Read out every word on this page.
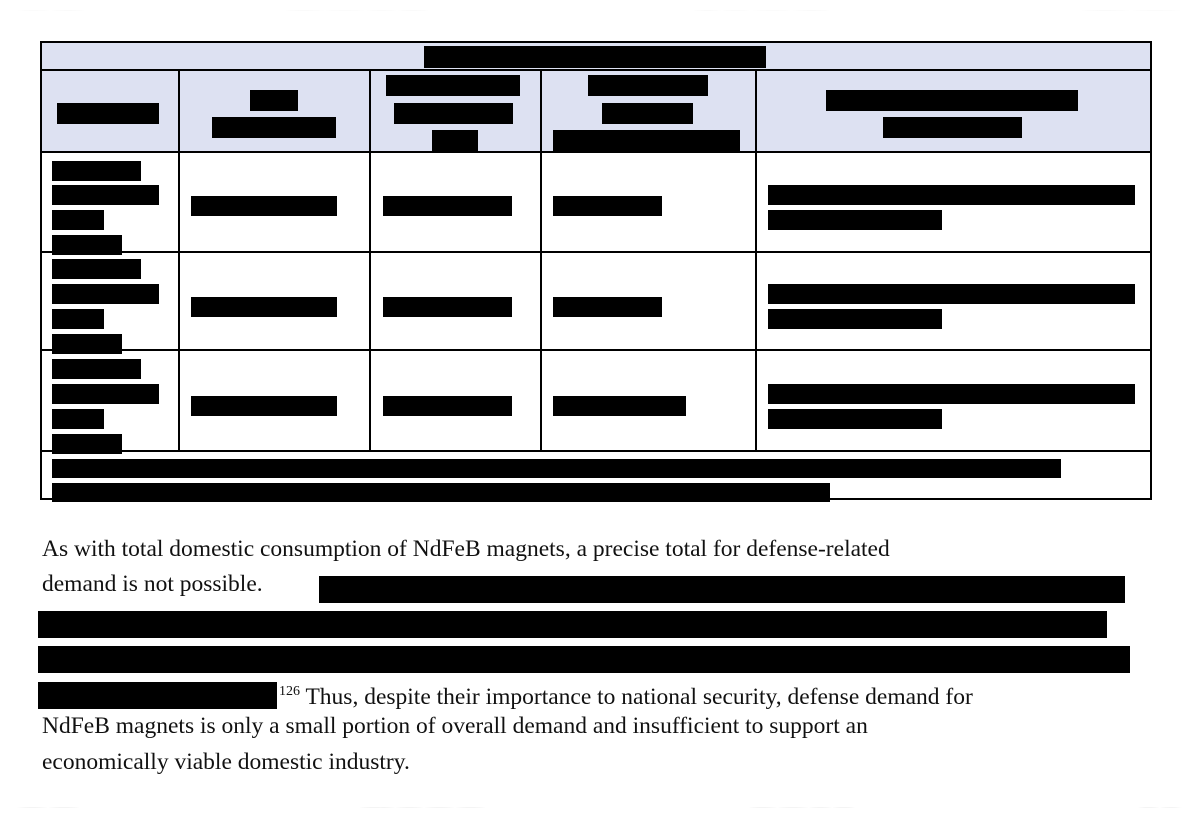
As with total domestic consumption of NdFeB magnets, a precise total for defense-related

demand is not possible.

$^{126}$ Thus, despite their importance to national security, defense demand for

NdFeB magnets is only a small portion of overall demand and insufficient to support an

economically viable domestic industry.
